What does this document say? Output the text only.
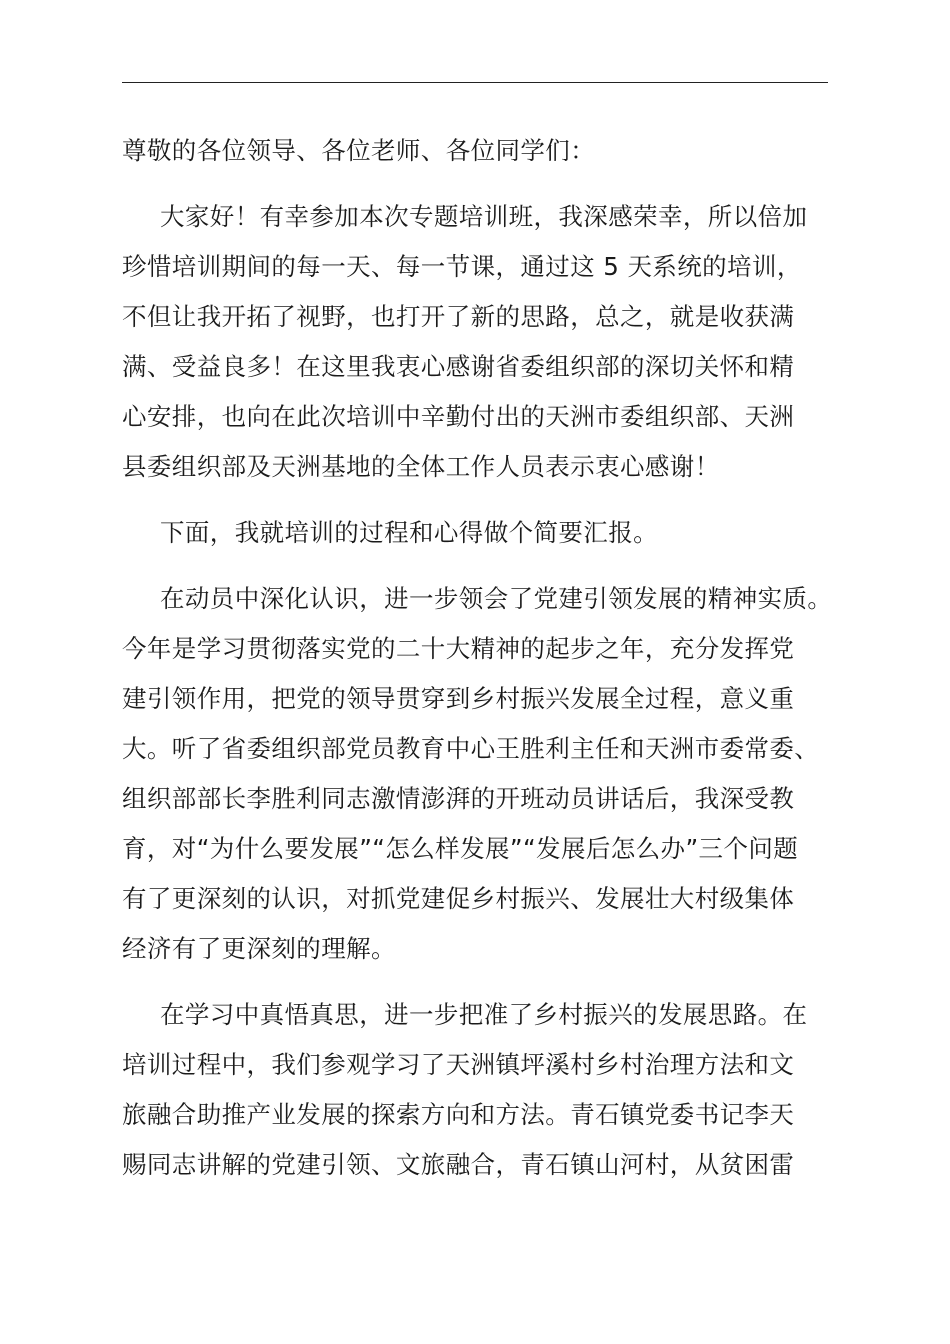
尊敬的各位领导、各位老师、各位同学们：
大家好！有幸参加本次专题培训班，我深感荣幸，所以倍加
珍惜培训期间的每一天、每一节课，通过这 5 天系统的培训，
不但让我开拓了视野，也打开了新的思路，总之，就是收获满
满、受益良多！在这里我衷心感谢省委组织部的深切关怀和精
心安排，也向在此次培训中辛勤付出的天洲市委组织部、天洲
县委组织部及天洲基地的全体工作人员表示衷心感谢！
下面，我就培训的过程和心得做个简要汇报。
在动员中深化认识，进一步领会了党建引领发展的精神实质。
今年是学习贯彻落实党的二十大精神的起步之年，充分发挥党
建引领作用，把党的领导贯穿到乡村振兴发展全过程，意义重
大。听了省委组织部党员教育中心王胜利主任和天洲市委常委、
组织部部长李胜利同志激情澎湃的开班动员讲话后，我深受教
育，对“为什么要发展”“怎么样发展”“发展后怎么办”三个问题
有了更深刻的认识，对抓党建促乡村振兴、发展壮大村级集体
经济有了更深刻的理解。
在学习中真悟真思，进一步把准了乡村振兴的发展思路。在
培训过程中，我们参观学习了天洲镇坪溪村乡村治理方法和文
旅融合助推产业发展的探索方向和方法。青石镇党委书记李天
赐同志讲解的党建引领、文旅融合，青石镇山河村，从贫困雷
